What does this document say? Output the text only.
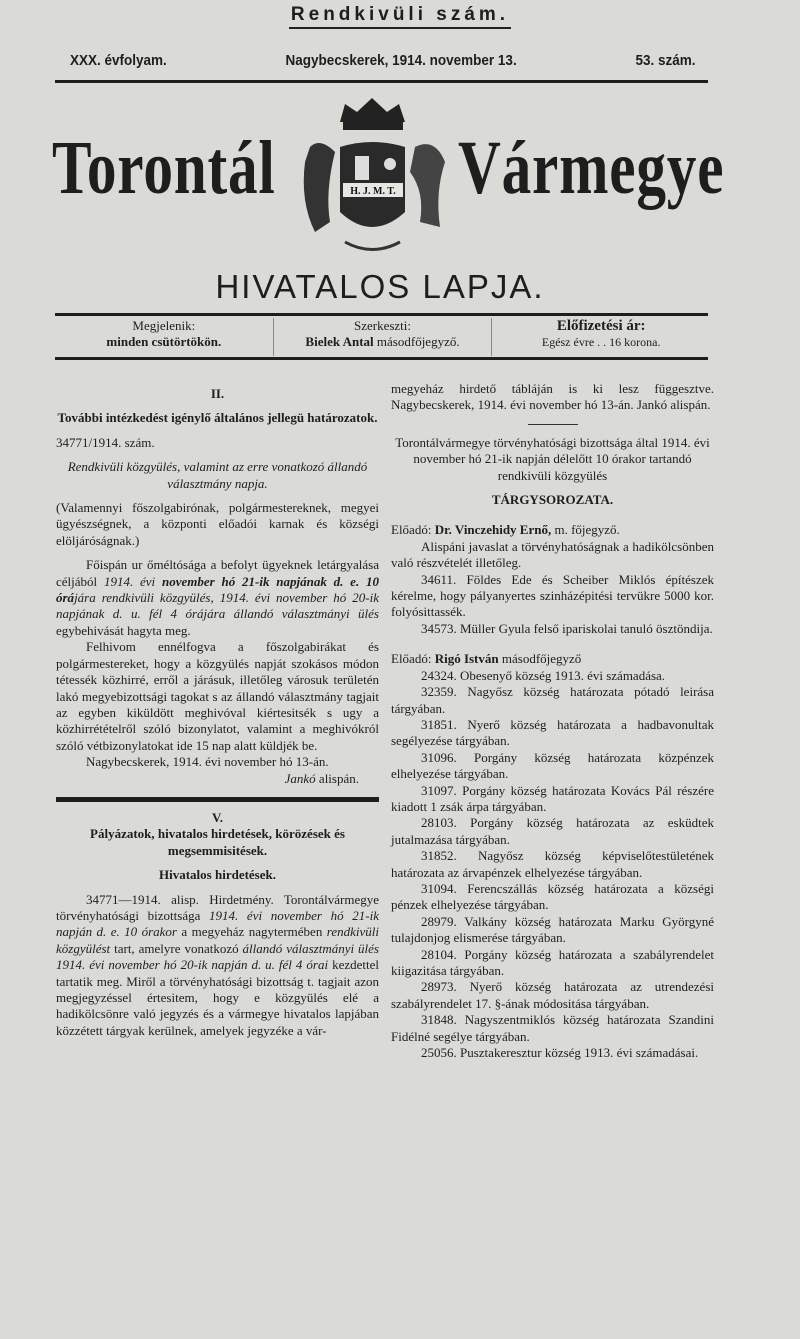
Rendkivüli szám.
XXX. évfolyam.	Nagybecskerek, 1914. november 13.	53. szám.
Torontál	H. J. M. T. Vármegye
HIVATALOS LAPJA.
Megjelenik:
minden csütörtökön.
Szerkeszti:
Bielek Antal másodfőjegyző.
Előfizetési ár:
Egész évre . . 16 korona.

II.

További intézkedést igénylő általános jellegü határozatok.

34771/1914. szám.

Rendkivüli közgyülés, valamint az erre vonatkozó állandó választmány napja.

(Valamennyi főszolgabirónak, polgármestereknek, megyei ügyészségnek, a központi előadói karnak és községi elöljáróságnak.)

Főispán ur őméltósága a befolyt ügyeknek letárgyalása céljából 1914. évi november hó 21-ik napjának d. e. 10 órájára rendkivüli közgyülés, 1914. évi november hó 20-ik napjának d. u. fél 4 órájára állandó választmányi ülés egybehivását hagyta meg.

Felhivom ennélfogva a főszolgabirákat és polgármestereket, hogy a közgyülés napját szokásos módon tétessék közhirré, erről a járásuk, illetőleg városuk területén lakó megyebizottsági tagokat s az állandó választmány tagjait az egyben kiküldött meghivóval kiértesitsék s ugy a közhirrétételről szóló bizonylatot, valamint a meghivókról szóló vétbizonylatokat ide 15 nap alatt küldjék be.

Nagybecskerek, 1914. évi november hó 13-án.

Jankó alispán.

V.

Pályázatok, hivatalos hirdetések, körözések és megsemmisitések.

Hivatalos hirdetések.

34771—1914. alisp. Hirdetmény. Torontálvármegye törvényhatósági bizottsága 1914. évi november hó 21-ik napján d. e. 10 órakor a megyeház nagytermében rendkivüli közgyülést tart, amelyre vonatkozó állandó választmányi ülés 1914. évi november hó 20-ik napján d. u. fél 4 órai kezdettel tartatik meg. Miről a törvényhatósági bizottság t. tagjait azon megjegyzéssel értesitem, hogy e közgyülés elé a hadikölcsönre való jegyzés és a vármegye hivatalos lapjában közzétett tárgyak kerülnek, amelyek jegyzéke a vár-

megyeház hirdető tábláján is ki lesz függesztve. Nagybecskerek, 1914. évi november hó 13-án. Jankó alispán.

Torontálvármegye törvényhatósági bizottsága által 1914. évi november hó 21-ik napján délelőtt 10 órakor tartandó rendkivüli közgyülés

TÁRGYSOROZATA.

Előadó: Dr. Vinczehidy Ernő, m. főjegyző.

Alispáni javaslat a törvényhatóságnak a hadikölcsönben való részvételét illetőleg.

34611. Földes Ede és Scheiber Miklós építészek kérelme, hogy pályanyertes szinházépitési tervükre 5000 kor. folyósittassék.

34573. Müller Gyula felső ipariskolai tanuló ösztöndija.

Előadó: Rigó István másodfőjegyző

24324. Obesenyő község 1913. évi számadása.

32359. Nagyősz község határozata pótadó leirása tárgyában.

31851. Nyerő község határozata a hadbavonultak segélyezése tárgyában.

31096. Porgány község határozata közpénzek elhelyezése tárgyában.

31097. Porgány község határozata Kovács Pál részére kiadott 1 zsák árpa tárgyában.

28103. Porgány község határozata az esküdtek jutalmazása tárgyában.

31852. Nagyősz község képviselőtestületének határozata az árvapénzek elhelyezése tárgyában.

31094. Ferencszállás község határozata a községi pénzek elhelyezése tárgyában.

28979. Valkány község határozata Marku Györgyné tulajdonjog elismerése tárgyában.

28104. Porgány község határozata a szabályrendelet kiigazitása tárgyában.

28973. Nyerő község határozata az utrendezési szabályrendelet 17. §-ának módositása tárgyában.

31848. Nagyszentmiklós község határozata Szandini Fidélné segélye tárgyában.

25056. Pusztakeresztur község 1913. évi számadásai.
